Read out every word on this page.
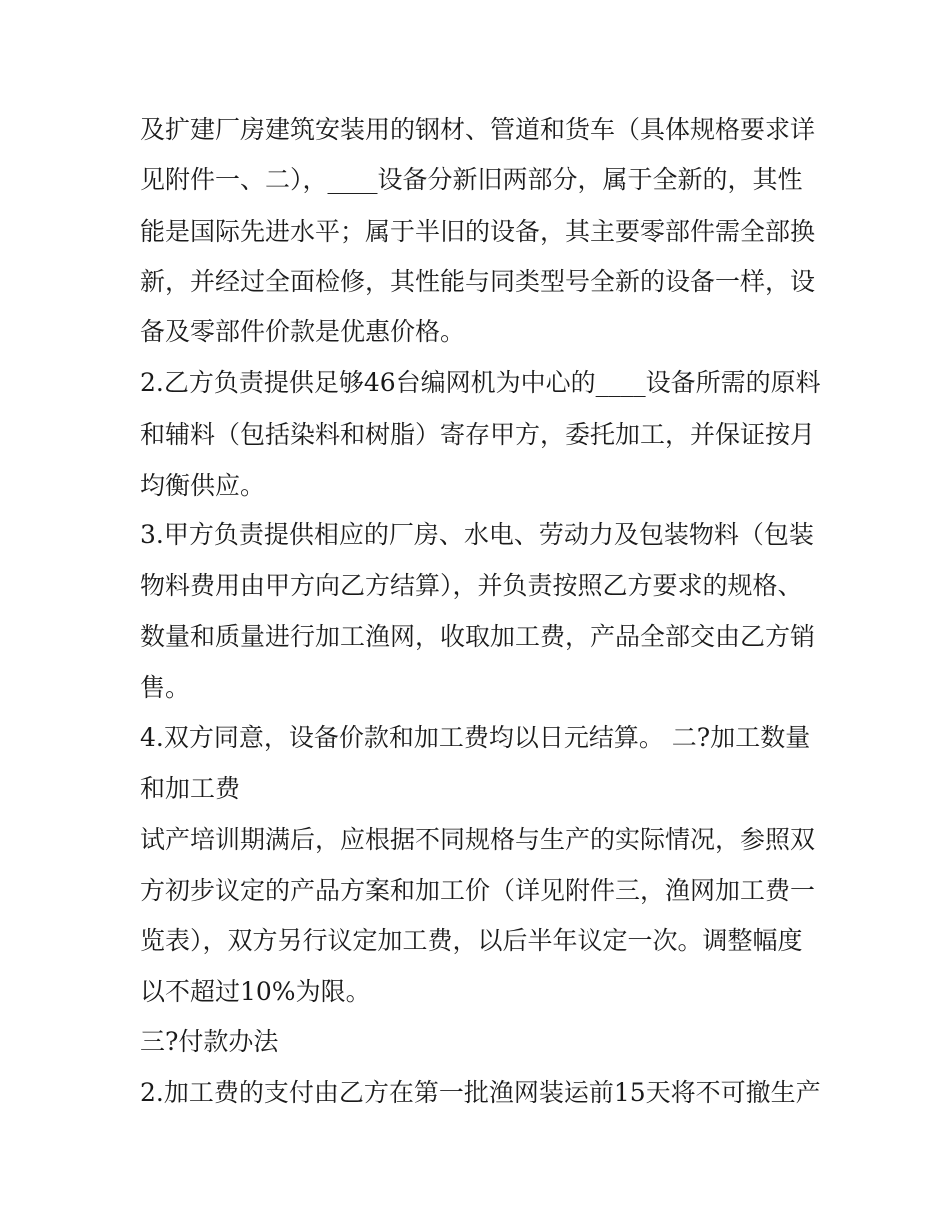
及扩建厂房建筑安装用的钢材、管道和货车（具体规格要求详
见附件一、二），____设备分新旧两部分，属于全新的，其性
能是国际先进水平；属于半旧的设备，其主要零部件需全部换
新，并经过全面检修，其性能与同类型号全新的设备一样，设
备及零部件价款是优惠价格。
2.乙方负责提供足够46台编网机为中心的____设备所需的原料
和辅料（包括染料和树脂）寄存甲方，委托加工，并保证按月
均衡供应。
3.甲方负责提供相应的厂房、水电、劳动力及包装物料（包装
物料费用由甲方向乙方结算），并负责按照乙方要求的规格、
数量和质量进行加工渔网，收取加工费，产品全部交由乙方销
售。
4.双方同意，设备价款和加工费均以日元结算。 二?加工数量
和加工费
试产培训期满后，应根据不同规格与生产的实际情况，参照双
方初步议定的产品方案和加工价（详见附件三，渔网加工费一
览表），双方另行议定加工费，以后半年议定一次。调整幅度
以不超过10%为限。
三?付款办法
2.加工费的支付由乙方在第一批渔网装运前15天将不可撤生产
